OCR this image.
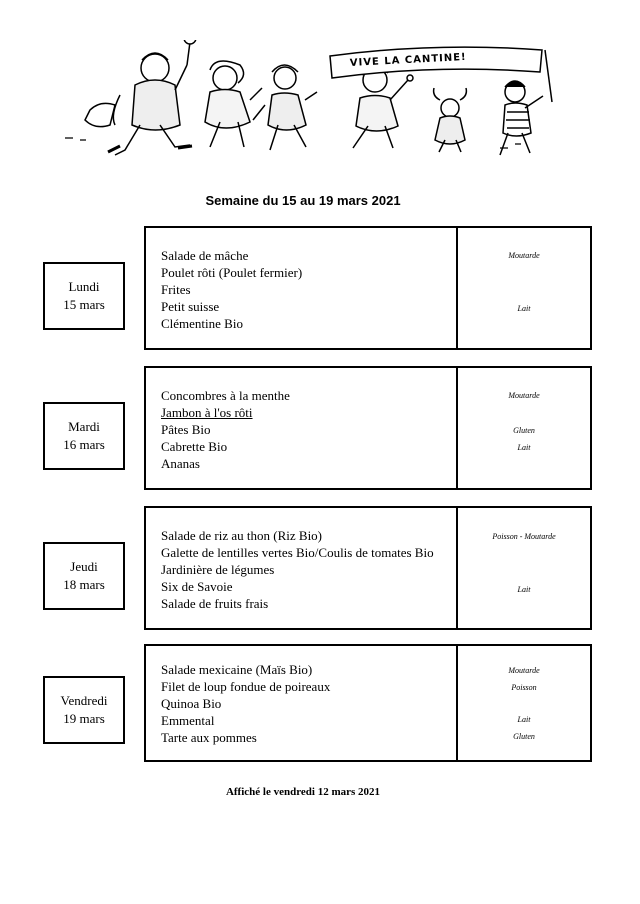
VIVE LA CANTINE!
Semaine du 15 au 19 mars 2021
Lundi
15 mars
Salade de mâche
Poulet rôti (Poulet fermier)
Frites
Petit suisse
Clémentine Bio
Moutarde
Lait
Mardi
16 mars
Concombres à la menthe
Jambon à l'os rôti
Pâtes Bio
Cabrette Bio
Ananas
Moutarde
Gluten
Lait
Jeudi
18 mars
Salade de riz au thon (Riz Bio)
Galette de lentilles vertes Bio/Coulis de tomates Bio
Jardinière de légumes
Six de Savoie
Salade de fruits frais
Poisson - Moutarde
Lait
Vendredi
19 mars
Salade mexicaine (Maïs Bio)
Filet de loup fondue de poireaux
Quinoa Bio
Emmental
Tarte aux pommes
Moutarde
Poisson
Lait
Gluten
Affiché le vendredi 12 mars 2021
